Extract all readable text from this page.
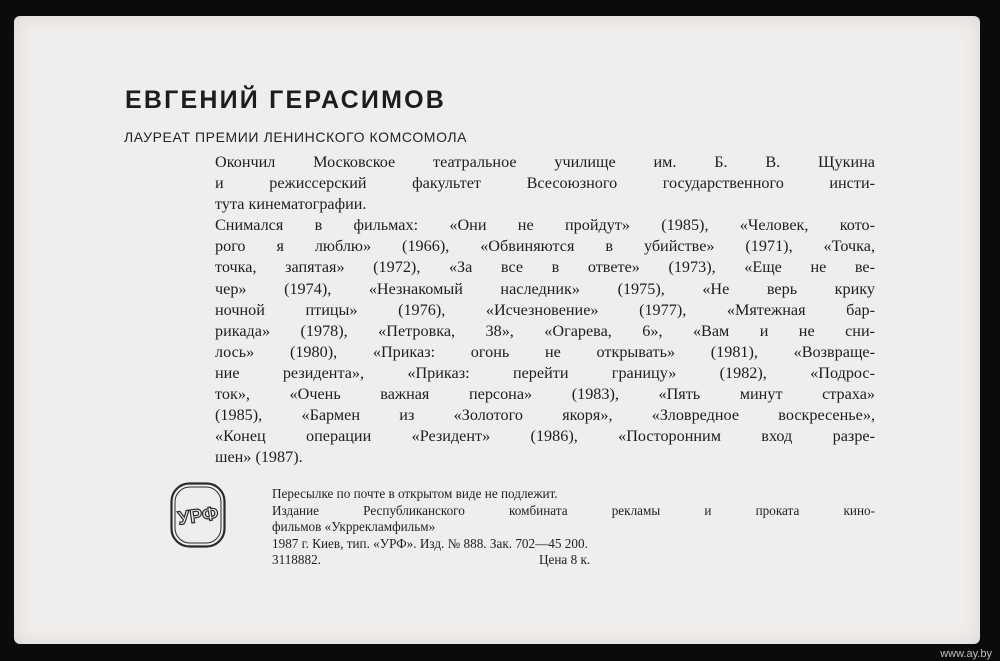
ЕВГЕНИЙ ГЕРАСИМОВ
ЛАУРЕАТ ПРЕМИИ ЛЕНИНСКОГО КОМСОМОЛА
Окончил Московское театральное училище им. Б. В. Щукина
и режиссерский факультет Всесоюзного государственного инсти-
тута кинематографии.
Снимался в фильмах: «Они не пройдут» (1985), «Человек, кото-
рого я люблю» (1966), «Обвиняются в убийстве» (1971), «Точка,
точка, запятая» (1972), «За все в ответе» (1973), «Еще не ве-
чер» (1974), «Незнакомый наследник» (1975), «Не верь крику
ночной птицы» (1976), «Исчезновение» (1977), «Мятежная бар-
рикада» (1978), «Петровка, 38», «Огарева, 6», «Вам и не сни-
лось» (1980), «Приказ: огонь не открывать» (1981), «Возвраще-
ние резидента», «Приказ: перейти границу» (1982), «Подрос-
ток», «Очень важная персона» (1983), «Пять минут страха»
(1985), «Бармен из «Золотого якоря», «Зловредное воскресенье»,
«Конец операции «Резидент» (1986), «Посторонним вход разре-
шен» (1987).
УРФ
Пересылке по почте в открытом виде не подлежит.
Издание Республиканского комбината рекламы и проката кино-
фильмов «Укррекламфильм»
1987 г. Киев, тип. «УРФ». Изд. № 888. Зак. 702—45 200.
3118882.	Цена 8 к.
www.ay.by
